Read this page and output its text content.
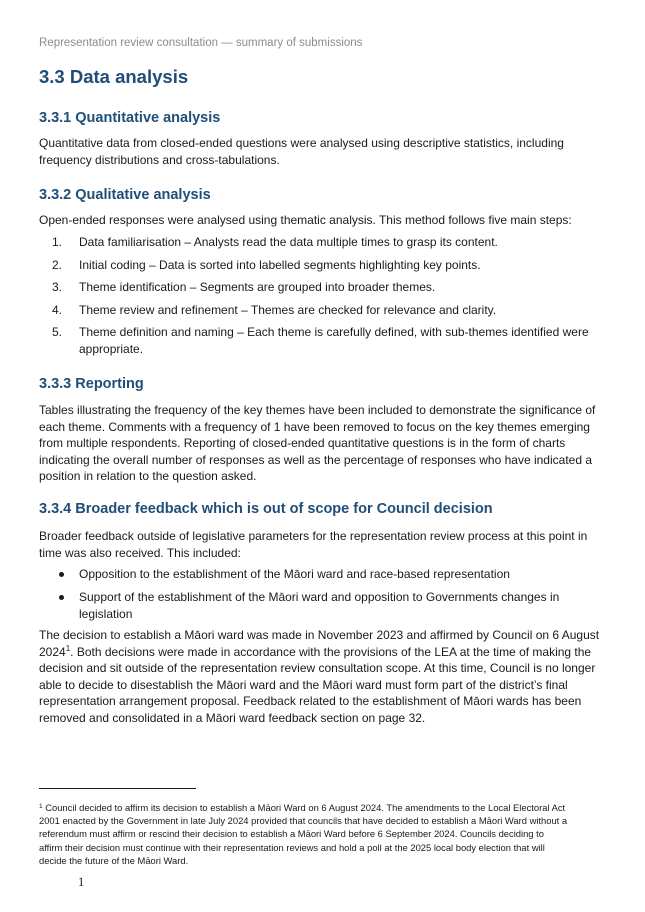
Representation review consultation — summary of submissions
3.3 Data analysis
3.3.1 Quantitative analysis

Quantitative data from closed-ended questions were analysed using descriptive statistics, including
frequency distributions and cross-tabulations.

3.3.2 Qualitative analysis

Open-ended responses were analysed using thematic analysis. This method follows five main steps:

1.	Data familiarisation – Analysts read the data multiple times to grasp its content.
2.	Initial coding – Data is sorted into labelled segments highlighting key points.
3.	Theme identification – Segments are grouped into broader themes.
4.	Theme review and refinement – Themes are checked for relevance and clarity.
5.	Theme definition and naming – Each theme is carefully defined, with sub-themes identified were
appropriate.
3.3.3 Reporting

Tables illustrating the frequency of the key themes have been included to demonstrate the significance of
each theme. Comments with a frequency of 1 have been removed to focus on the key themes emerging
from multiple respondents. Reporting of closed-ended quantitative questions is in the form of charts
indicating the overall number of responses as well as the percentage of responses who have indicated a
position in relation to the question asked.

3.3.4 Broader feedback which is out of scope for Council decision

Broader feedback outside of legislative parameters for the representation review process at this point in
time was also received. This included:

Opposition to the establishment of the Māori ward and race-based representation
Support of the establishment of the Māori ward and opposition to Governments changes in
legislation

The decision to establish a Māori ward was made in November 2023 and affirmed by Council on 6 August
2024$^1$. Both decisions were made in accordance with the provisions of the LEA at the time of making the
decision and sit outside of the representation review consultation scope. At this time, Council is no longer
able to decide to disestablish the Māori ward and the Māori ward must form part of the district’s final
representation arrangement proposal. Feedback related to the establishment of Māori wards has been
removed and consolidated in a Māori ward feedback section on page 32.

$^1$ Council decided to affirm its decision to establish a Māori Ward on 6 August 2024. The amendments to the Local Electoral Act
2001 enacted by the Government in late July 2024 provided that councils that have decided to establish a Māori Ward without a
referendum must affirm or rescind their decision to establish a Māori Ward before 6 September 2024. Councils deciding to
affirm their decision must continue with their representation reviews and hold a poll at the 2025 local body election that will
decide the future of the Māori Ward.

1
